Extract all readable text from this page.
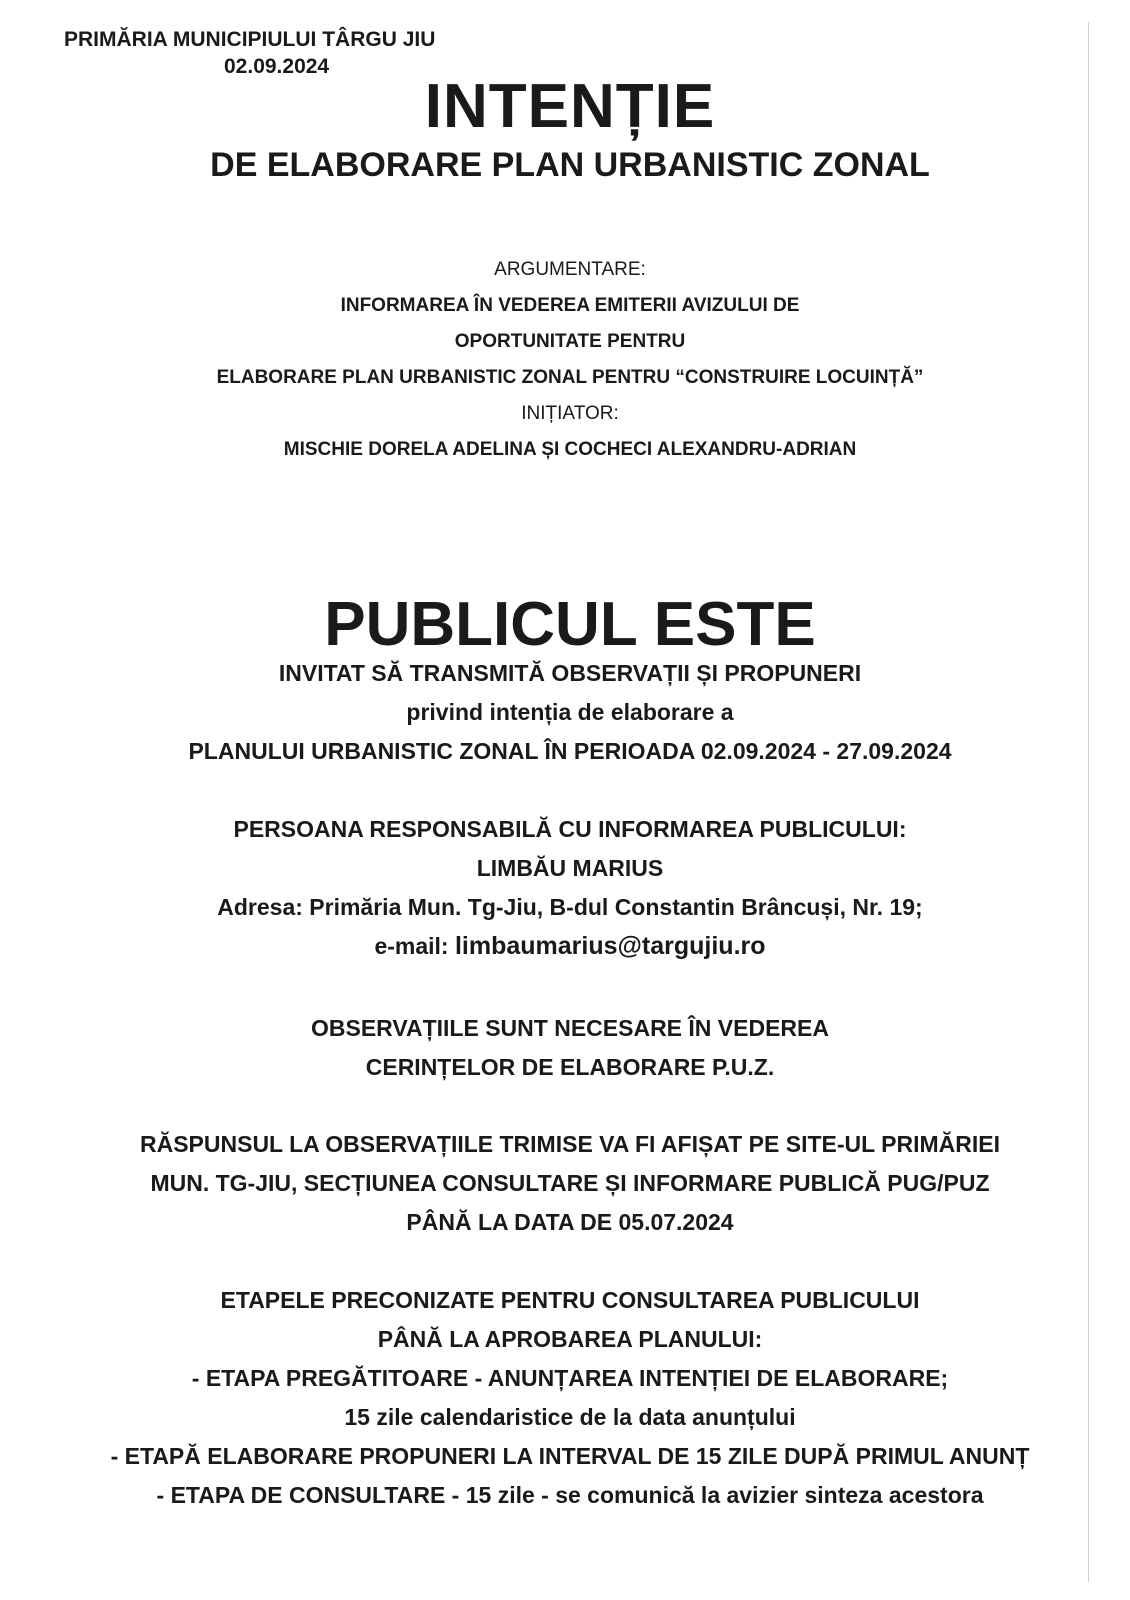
PRIMĂRIA MUNICIPIULUI TÂRGU JIU
02.09.2024
INTENȚIE
DE ELABORARE PLAN URBANISTIC ZONAL
ARGUMENTARE:
INFORMAREA ÎN VEDEREA EMITERII AVIZULUI DE
OPORTUNITATE PENTRU
ELABORARE PLAN URBANISTIC ZONAL PENTRU “CONSTRUIRE LOCUINȚĂ”
INIȚIATOR:
MISCHIE DORELA ADELINA ȘI COCHECI ALEXANDRU-ADRIAN
PUBLICUL ESTE
INVITAT SĂ TRANSMITĂ OBSERVAȚII ȘI PROPUNERI
privind intenția de elaborare a
PLANULUI URBANISTIC ZONAL ÎN PERIOADA 02.09.2024 - 27.09.2024
PERSOANA RESPONSABILĂ CU INFORMAREA PUBLICULUI:
LIMBĂU MARIUS
Adresa: Primăria Mun. Tg-Jiu, B-dul Constantin Brâncuși, Nr. 19;
e-mail: limbaumarius@targujiu.ro
OBSERVAȚIILE SUNT NECESARE ÎN VEDEREA
CERINȚELOR DE ELABORARE P.U.Z.
RĂSPUNSUL LA OBSERVAȚIILE TRIMISE VA FI AFIȘAT PE SITE-UL PRIMĂRIEI
MUN. TG-JIU, SECȚIUNEA CONSULTARE ȘI INFORMARE PUBLICĂ PUG/PUZ
PÂNĂ LA DATA DE 05.07.2024
ETAPELE PRECONIZATE PENTRU CONSULTAREA PUBLICULUI
PÂNĂ LA APROBAREA PLANULUI:
- ETAPA PREGĂTITOARE - ANUNȚAREA INTENȚIEI DE ELABORARE;
15 zile calendaristice de la data anunțului
- ETAPĂ ELABORARE PROPUNERI LA INTERVAL DE 15 ZILE DUPĂ PRIMUL ANUNȚ
- ETAPA DE CONSULTARE - 15 zile - se comunică la avizier sinteza acestora
